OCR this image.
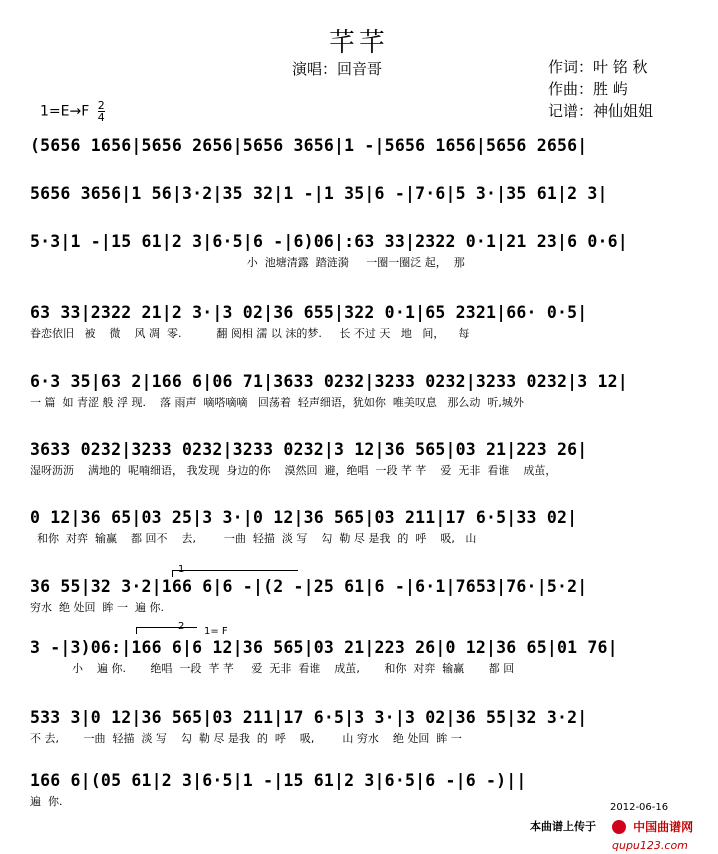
芊芊
演唱：回音哥	作词：叶 铭 秋
作曲：胜 屿
记谱：神仙姐姐
$1=E\to F \frac{2}{4}$
(5656 1656|5656 2656|5656 3656|1 -|5656 1656|5656 2656|
5656 3656|1 56|3·2|35 32|1 -|1 35|6 -|7·6|5 3·|35 61|2 3|
5·3|1 -|15 61|2 3|6·5|6 -|6)06|:63 33|2322 0·1|21 23|6 0·6|
小  池塘清露  踏涟漪     一圈一圈泛 起，  那
63 33|2322 21|2 3·|3 02|36 655|322 0·1|65 2321|66· 0·5|
眷恋依旧   被    微    风 凋  零.          翻 阅相 濡 以 沫的梦.     长 不过 天   地   间，    每
6·3 35|63 2|166 6|06 71|3633 0232|3233 0232|3233 0232|3 12|
一 篇  如 青涩 般 浮 现.    落 雨声  嘀嗒嘀嘀   回荡着  轻声细语，犹如你  唯美叹息   那么动  听,城外
3633 0232|3233 0232|3233 0232|3 12|36 565|03 21|223 26|
湿呀沥沥    满地的  呢喃细语， 我发现  身边的你    漠然回  避，绝唱  一段 芊 芊    爱  无非  看谁    成茧，
0 12|36 65|03 25|3 3·|0 12|36 565|03 211|17 6·5|33 02|
和你  对弈  输赢    都 回不    去,        一曲  轻描  淡 写    勾  勒 尽 是我  的  呼    吸,   山
1
36 55|32 3·2|166 6|6 -|(2 -|25 61|6 -|6·1|7653|76·|5·2|
穷水  绝 处回  眸 一  遍 你.
2 1= F
3 -|3)06:|166 6|6 12|36 565|03 21|223 26|0 12|36 65|01 76|
小    遍 你.       绝唱  一段  芊 芊     爱  无非  看谁    成茧,       和你  对弈  输赢       都 回
533 3|0 12|36 565|03 211|17 6·5|3 3·|3 02|36 55|32 3·2|
不 去,       一曲  轻描  淡 写    勾  勒 尽 是我  的  呼    吸,        山 穷水    绝 处回  眸 一
166 6|(05 61|2 3|6·5|1 -|15 61|2 3|6·5|6 -|6 -)||
遍  你.	2012-06-16
本曲谱上传于	中国曲谱网 qupu123.com
